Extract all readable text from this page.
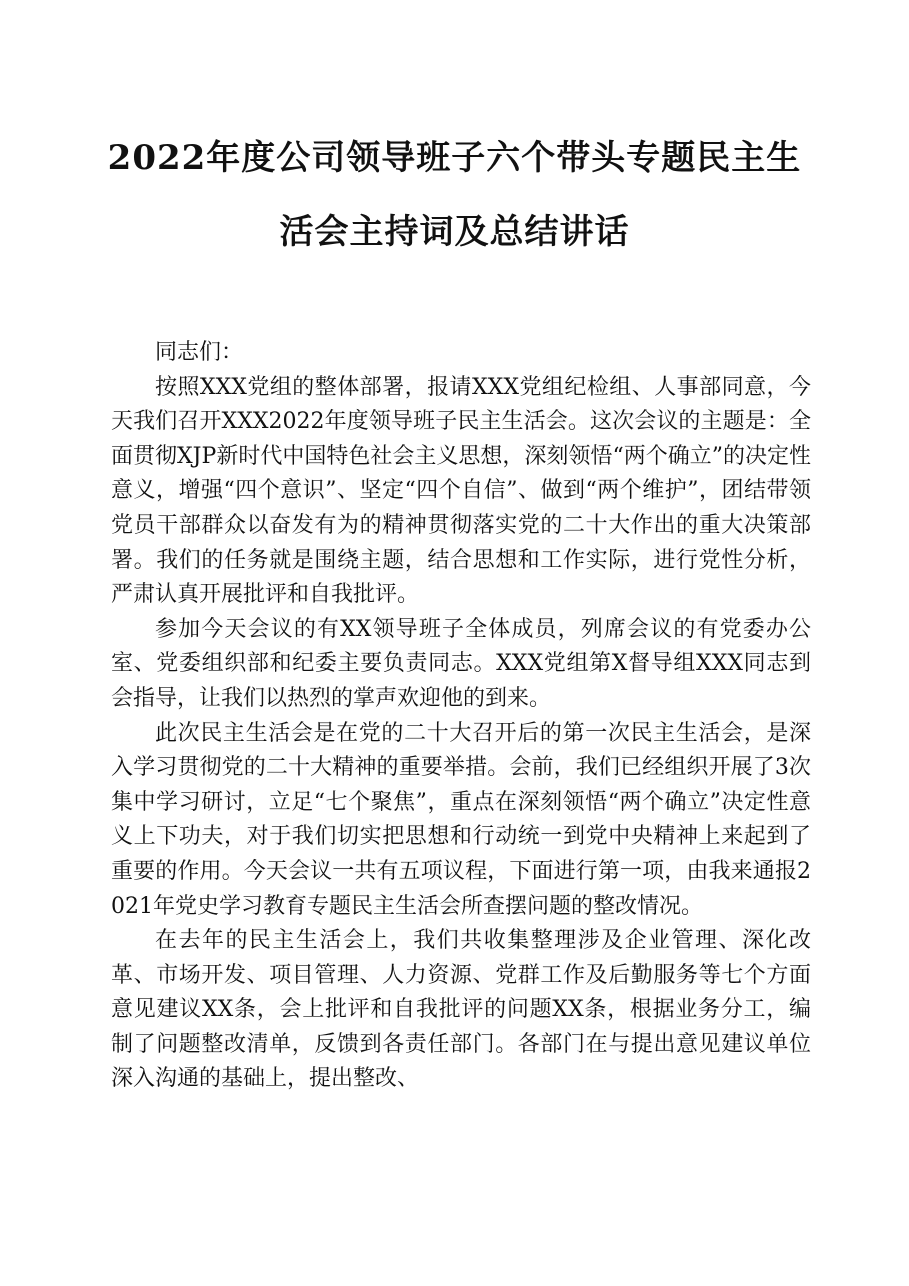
2022年度公司领导班子六个带头专题民主生
活会主持词及总结讲话

同志们：

按照XXX党组的整体部署，报请XXX党组纪检组、人事部同意，今天我们召开XXX2022年度领导班子民主生活会。这次会议的主题是：全面贯彻XJP新时代中国特色社会主义思想，深刻领悟“两个确立”的决定性意义，增强“四个意识”、坚定“四个自信”、做到“两个维护”，团结带领党员干部群众以奋发有为的精神贯彻落实党的二十大作出的重大决策部署。我们的任务就是围绕主题，结合思想和工作实际，进行党性分析，严肃认真开展批评和自我批评。

参加今天会议的有XX领导班子全体成员，列席会议的有党委办公室、党委组织部和纪委主要负责同志。XXX党组第X督导组XXX同志到会指导，让我们以热烈的掌声欢迎他的到来。

此次民主生活会是在党的二十大召开后的第一次民主生活会，是深入学习贯彻党的二十大精神的重要举措。会前，我们已经组织开展了3次集中学习研讨，立足“七个聚焦”，重点在深刻领悟“两个确立”决定性意义上下功夫，对于我们切实把思想和行动统一到党中央精神上来起到了重要的作用。今天会议一共有五项议程，下面进行第一项，由我来通报2021年党史学习教育专题民主生活会所查摆问题的整改情况。

在去年的民主生活会上，我们共收集整理涉及企业管理、深化改革、市场开发、项目管理、人力资源、党群工作及后勤服务等七个方面意见建议XX条，会上批评和自我批评的问题XX条，根据业务分工，编制了问题整改清单，反馈到各责任部门。各部门在与提出意见建议单位深入沟通的基础上，提出整改、
